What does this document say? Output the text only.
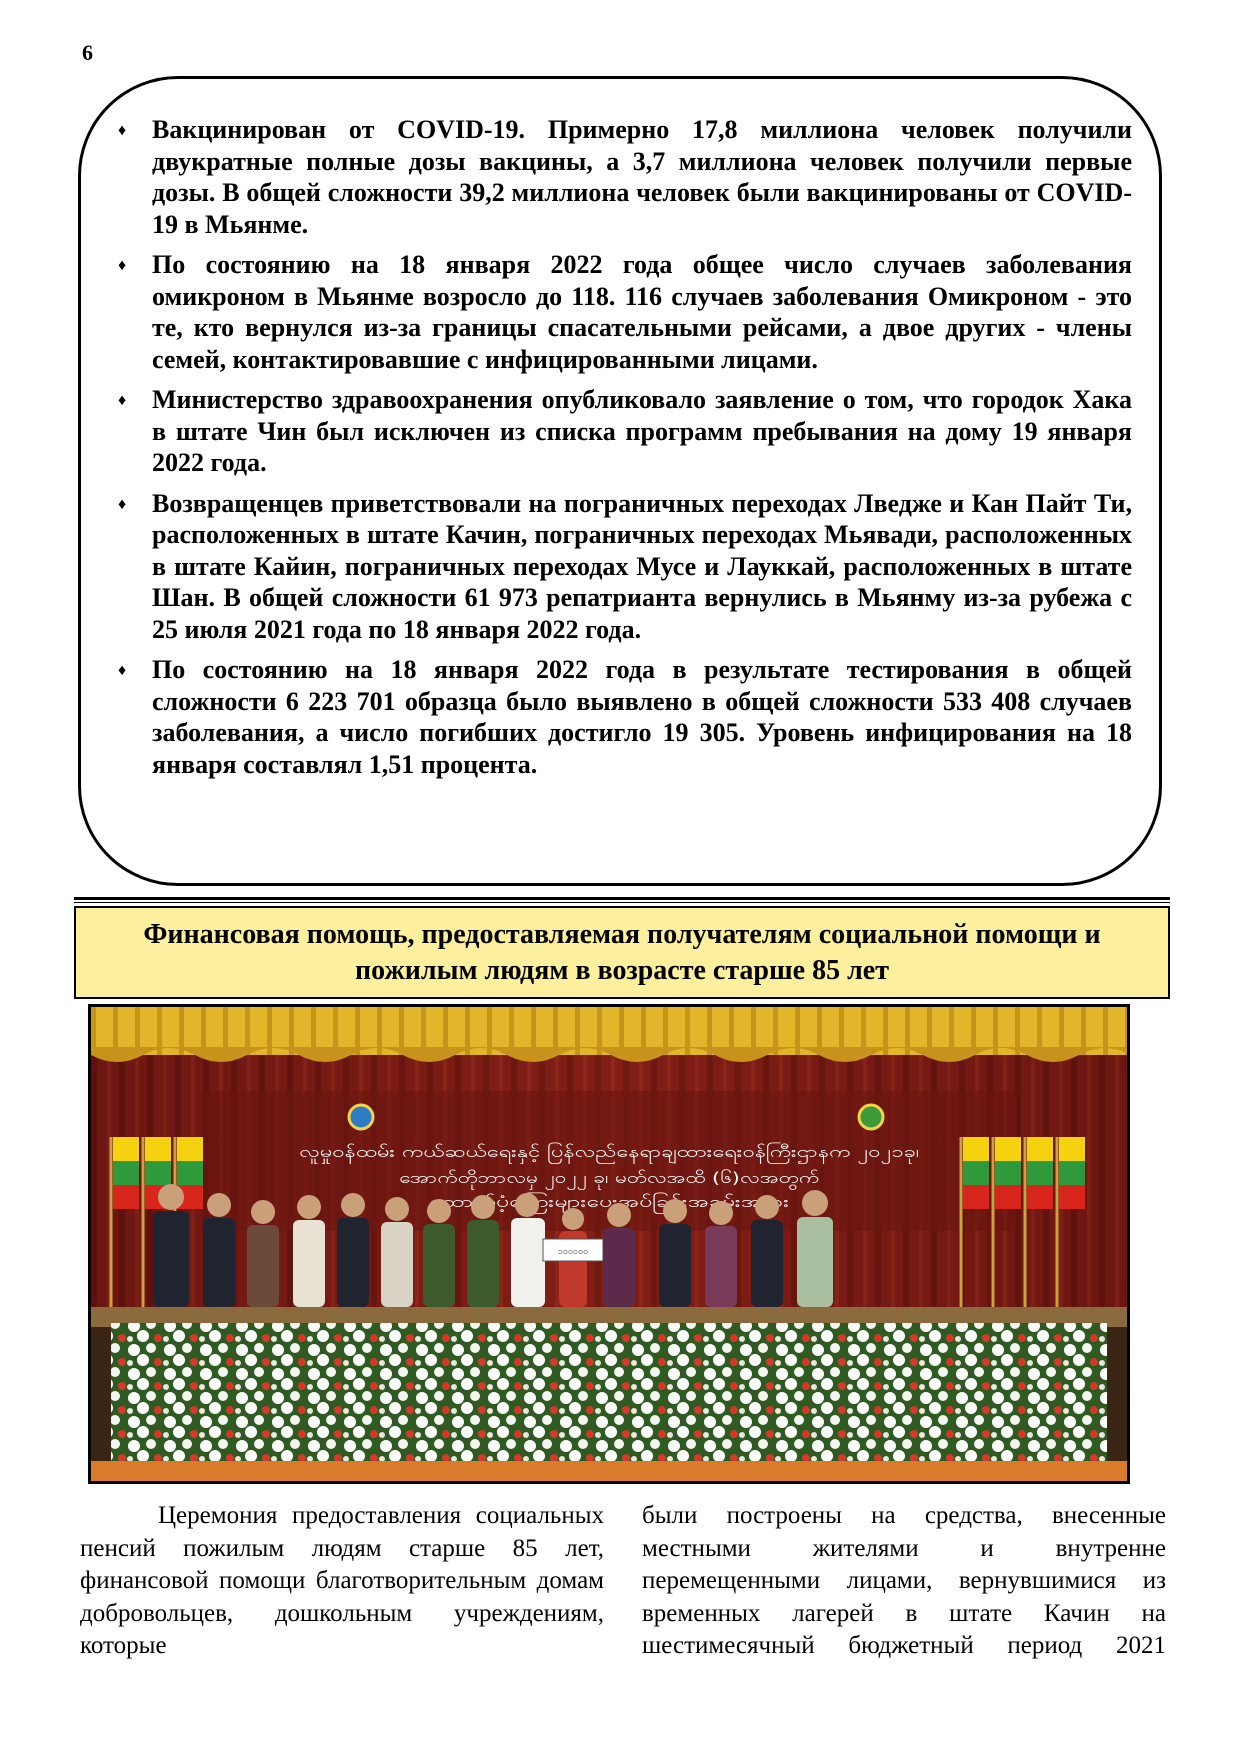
6
♦ Вакцинирован от COVID-19. Примерно 17,8 миллиона человек получили двукратные полные дозы вакцины, а 3,7 миллиона человек получили первые дозы. В общей сложности 39,2 миллиона человек были вакцинированы от COVID-19 в Мьянме.
♦ По состоянию на 18 января 2022 года общее число случаев заболевания омикроном в Мьянме возросло до 118. 116 случаев заболевания Омикроном - это те, кто вернулся из-за границы спасательными рейсами, а двое других - члены семей, контактировавшие с инфицированными лицами.
♦ Министерство здравоохранения опубликовало заявление о том, что городок Хака в штате Чин был исключен из списка программ пребывания на дому 19 января 2022 года.
♦ Возвращенцев приветствовали на пограничных переходах Лведже и Кан Пайт Ти, расположенных в штате Качин, пограничных переходах Мьявади, расположенных в штате Кайин, пограничных переходах Мусе и Лауккай, расположенных в штате Шан. В общей сложности 61 973 репатрианта вернулись в Мьянму из-за рубежа с 25 июля 2021 года по 18 января 2022 года.
♦ По состоянию на 18 января 2022 года в результате тестирования в общей сложности 6 223 701 образца было выявлено в общей сложности 533 408 случаев заболевания, а число погибших достигло 19 305. Уровень инфицирования на 18 января составлял 1,51 процента.
Финансовая помощь, предоставляемая получателям социальной помощи и пожилым людям в возрасте старше 85 лет
လူမှုဝန်ထမ်း ကယ်ဆယ်ရေးနှင့် ပြန်လည်နေရာချထားရေးဝန်ကြီးဌာနက ၂၀၂၁ခု၊
အောက်တိုဘာလမှ ၂၀၂၂ ခု၊ မတ်လအထိ (၆)လအတွက်
ထောက်ပံ့ကြေးများပေးအပ်ခြင်းအခမ်းအနား
၁၀၀၀၀၀
Церемония предоставления социальных пенсий пожилым людям старше 85 лет, финансовой помощи благотворительным домам добровольцев, дошкольным учреждениям, которые
были построены на средства, внесенные местными жителями и внутренне перемещенными лицами, вернувшимися из временных лагерей в штате Качин на шестимесячный бюджетный период 2021
